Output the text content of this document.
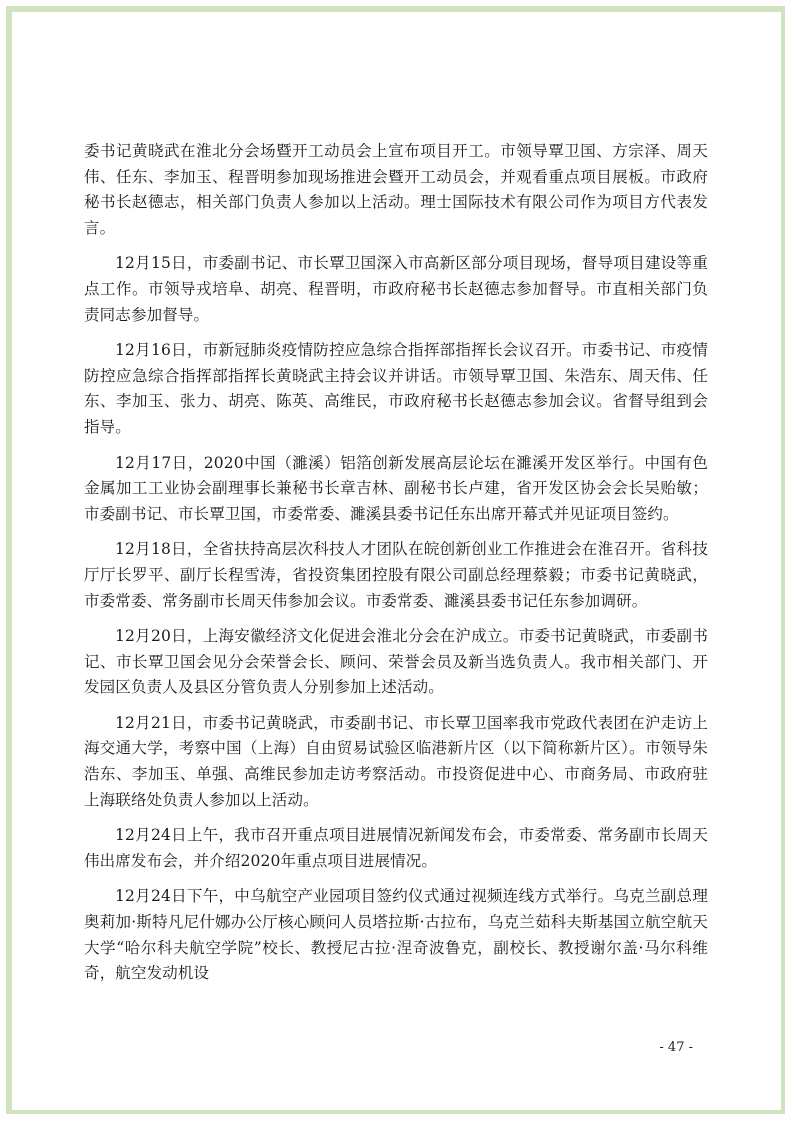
委书记黄晓武在淮北分会场暨开工动员会上宣布项目开工。市领导覃卫国、方宗泽、周天伟、任东、李加玉、程晋明参加现场推进会暨开工动员会，并观看重点项目展板。市政府秘书长赵德志，相关部门负责人参加以上活动。理士国际技术有限公司作为项目方代表发言。

12月15日，市委副书记、市长覃卫国深入市高新区部分项目现场，督导项目建设等重点工作。市领导戎培阜、胡亮、程晋明，市政府秘书长赵德志参加督导。市直相关部门负责同志参加督导。

12月16日，市新冠肺炎疫情防控应急综合指挥部指挥长会议召开。市委书记、市疫情防控应急综合指挥部指挥长黄晓武主持会议并讲话。市领导覃卫国、朱浩东、周天伟、任东、李加玉、张力、胡亮、陈英、高维民，市政府秘书长赵德志参加会议。省督导组到会指导。

12月17日，2020中国（濉溪）铝箔创新发展高层论坛在濉溪开发区举行。中国有色金属加工工业协会副理事长兼秘书长章吉林、副秘书长卢建，省开发区协会会长吴贻敏；市委副书记、市长覃卫国，市委常委、濉溪县委书记任东出席开幕式并见证项目签约。

12月18日，全省扶持高层次科技人才团队在皖创新创业工作推进会在淮召开。省科技厅厅长罗平、副厅长程雪涛，省投资集团控股有限公司副总经理蔡毅；市委书记黄晓武，市委常委、常务副市长周天伟参加会议。市委常委、濉溪县委书记任东参加调研。

12月20日，上海安徽经济文化促进会淮北分会在沪成立。市委书记黄晓武，市委副书记、市长覃卫国会见分会荣誉会长、顾问、荣誉会员及新当选负责人。我市相关部门、开发园区负责人及县区分管负责人分别参加上述活动。

12月21日，市委书记黄晓武，市委副书记、市长覃卫国率我市党政代表团在沪走访上海交通大学，考察中国（上海）自由贸易试验区临港新片区（以下简称新片区）。市领导朱浩东、李加玉、单强、高维民参加走访考察活动。市投资促进中心、市商务局、市政府驻上海联络处负责人参加以上活动。

12月24日上午，我市召开重点项目进展情况新闻发布会，市委常委、常务副市长周天伟出席发布会，并介绍2020年重点项目进展情况。

12月24日下午，中乌航空产业园项目签约仪式通过视频连线方式举行。乌克兰副总理奥莉加·斯特凡尼什娜办公厅核心顾问人员塔拉斯·古拉布，乌克兰茹科夫斯基国立航空航天大学“哈尔科夫航空学院”校长、教授尼古拉·涅奇波鲁克，副校长、教授谢尔盖·马尔科维奇，航空发动机设

- 47 -
